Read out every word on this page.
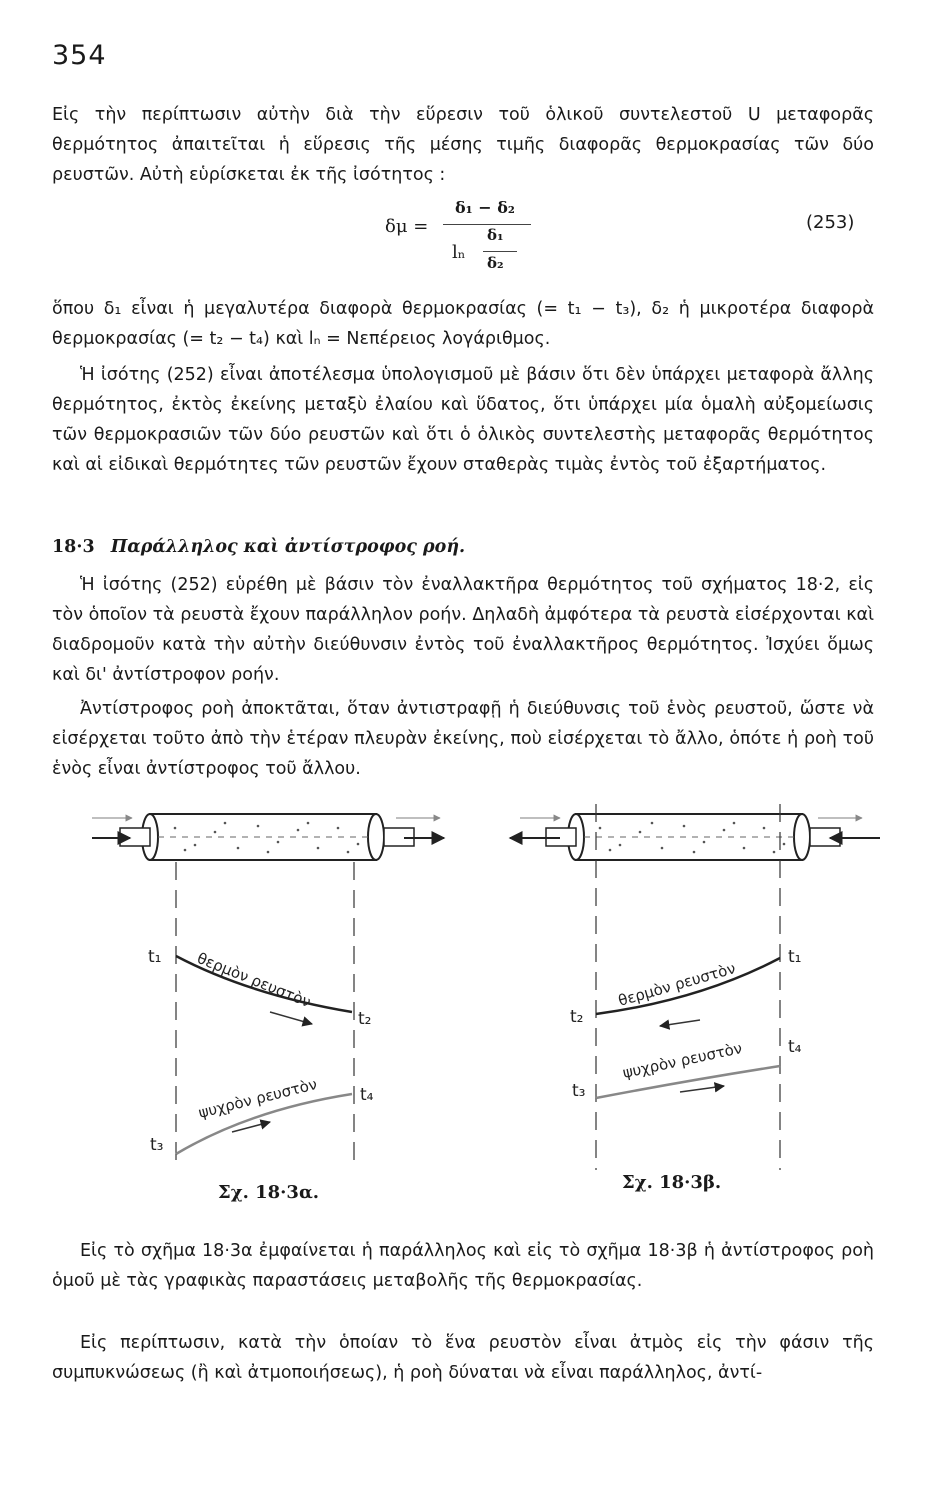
354

Εἰς τὴν περίπτωσιν αὐτὴν διὰ τὴν εὕρεσιν τοῦ ὁλικοῦ συντελεστοῦ U μεταφορᾶς θερμότητος ἀπαιτεῖται ἡ εὕρεσις τῆς μέσης τιμῆς διαφορᾶς θερμοκρασίας τῶν δύο ρευστῶν. Αὐτὴ εὑρίσκεται ἐκ τῆς ἰσότητος :

δμ =
δ₁ − δ₂
lₙ
δ₁
δ₂
(253)

ὅπου δ₁ εἶναι ἡ μεγαλυτέρα διαφορὰ θερμοκρασίας (= t₁ − t₃), δ₂ ἡ μικροτέρα διαφορὰ θερμοκρασίας (= t₂ − t₄) καὶ lₙ = Νεπέρειος λογάριθμος.

Ἡ ἰσότης (252) εἶναι ἀποτέλεσμα ὑπολογισμοῦ μὲ βάσιν ὅτι δὲν ὑπάρχει μεταφορὰ ἄλλης θερμότητος, ἐκτὸς ἐκείνης μεταξὺ ἐλαίου καὶ ὕδατος, ὅτι ὑπάρχει μία ὁμαλὴ αὐξομείωσις τῶν θερμοκρασιῶν τῶν δύο ρευστῶν καὶ ὅτι ὁ ὁλικὸς συντελεστὴς μεταφορᾶς θερμότητος καὶ αἱ εἰδικαὶ θερμότητες τῶν ρευστῶν ἔχουν σταθερὰς τιμὰς ἐντὸς τοῦ ἐξαρτήματος.

18·3 Παράλληλος καὶ ἀντίστροφος ροή.

Ἡ ἰσότης (252) εὑρέθη μὲ βάσιν τὸν ἐναλλακτῆρα θερμότητος τοῦ σχήματος 18·2, εἰς τὸν ὁποῖον τὰ ρευστὰ ἔχουν παράλληλον ροήν. Δηλαδὴ ἀμφότερα τὰ ρευστὰ εἰσέρχονται καὶ διαδρομοῦν κατὰ τὴν αὐτὴν διεύθυνσιν ἐντὸς τοῦ ἐναλλακτῆρος θερμότητος. Ἰσχύει ὅμως καὶ δι' ἀντίστροφον ροήν.

Ἀντίστροφος ροὴ ἀποκτᾶται, ὅταν ἀντιστραφῇ ἡ διεύθυνσις τοῦ ἑνὸς ρευστοῦ, ὥστε νὰ εἰσέρχεται τοῦτο ἀπὸ τὴν ἑτέραν πλευρὰν ἐκείνης, ποὺ εἰσέρχεται τὸ ἄλλο, ὁπότε ἡ ροὴ τοῦ ἑνὸς εἶναι ἀντίστροφος τοῦ ἄλλου.

θερμὸν ρευστὸν
ψυχρὸν ρευστὸν
t₁
t₂
t₃
t₄
θερμὸν ρευστὸν
ψυχρὸν ρευστὸν
t₁
t₂
t₃
t₄
Σχ. 18·3α.	Σχ. 18·3β.

Εἰς τὸ σχῆμα 18·3α ἐμφαίνεται ἡ παράλληλος καὶ εἰς τὸ σχῆμα 18·3β ἡ ἀντίστροφος ροὴ ὁμοῦ μὲ τὰς γραφικὰς παραστάσεις μεταβολῆς τῆς θερμοκρασίας.

Εἰς περίπτωσιν, κατὰ τὴν ὁποίαν τὸ ἕνα ρευστὸν εἶναι ἀτμὸς εἰς τὴν φάσιν τῆς συμπυκνώσεως (ἢ καὶ ἀτμοποιήσεως), ἡ ροὴ δύναται νὰ εἶναι παράλληλος, ἀντί-
